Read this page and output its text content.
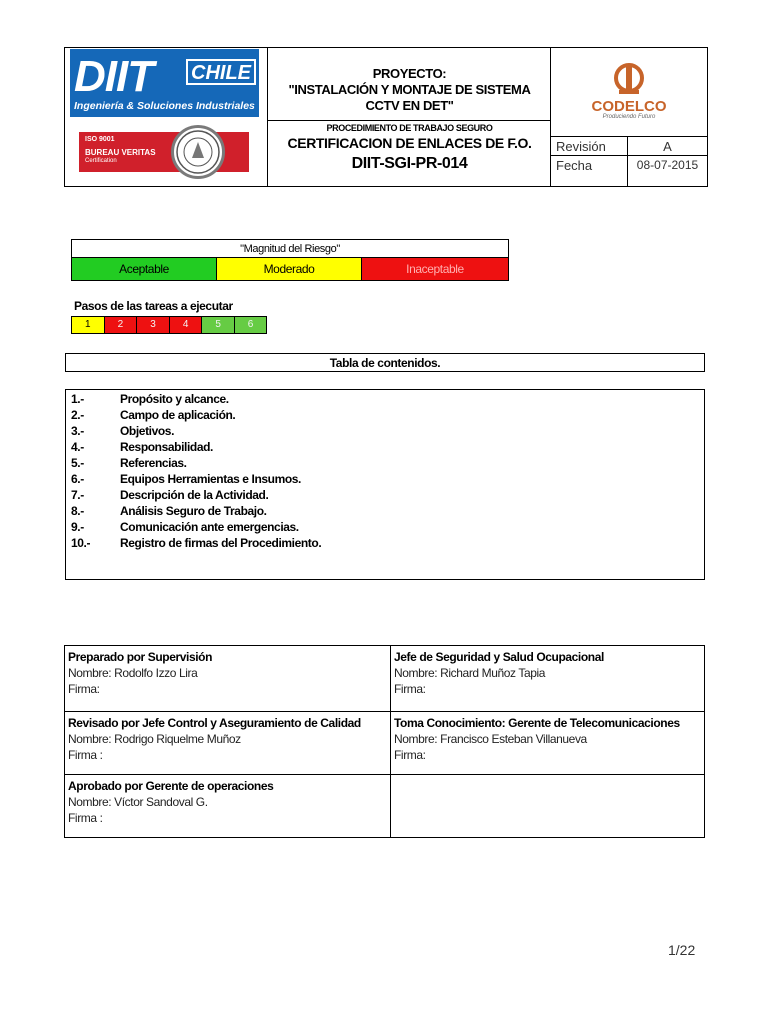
DIIT CHILE
Ingeniería & Soluciones Industriales
ISO 9001
BUREAU VERITAS
Certification
PROYECTO:
"INSTALACIÓN Y MONTAJE DE SISTEMA CCTV EN DET"
PROCEDIMIENTO DE TRABAJO SEGURO
CERTIFICACION DE ENLACES DE F.O.
DIIT-SGI-PR-014
CODELCO
Produciendo Futuro
Revisión	A
Fecha	08-07-2015
"Magnitud del Riesgo"
Aceptable	Moderado	Inaceptable
Pasos de las tareas a ejecutar
1	2	3	4	5	6
Tabla de contenidos.
1.-	Propósito y alcance.
2.-	Campo de aplicación.
3.-	Objetivos.
4.-	Responsabilidad.
5.-	Referencias.
6.-	Equipos Herramientas e Insumos.
7.-	Descripción de la Actividad.
8.-	Análisis Seguro de Trabajo.
9.-	Comunicación ante emergencias.
10.-	Registro de firmas del Procedimiento.
Preparado por Supervisión
Nombre: Rodolfo Izzo Lira
Firma:
Jefe de Seguridad y Salud Ocupacional
Nombre: Richard Muñoz Tapia
Firma:
Revisado por Jefe Control y Aseguramiento de Calidad
Nombre: Rodrigo Riquelme Muñoz
Firma :
Toma Conocimiento: Gerente de Telecomunicaciones
Nombre: Francisco Esteban Villanueva
Firma:
Aprobado por Gerente de operaciones
Nombre: Víctor Sandoval G.
Firma :
1/22
